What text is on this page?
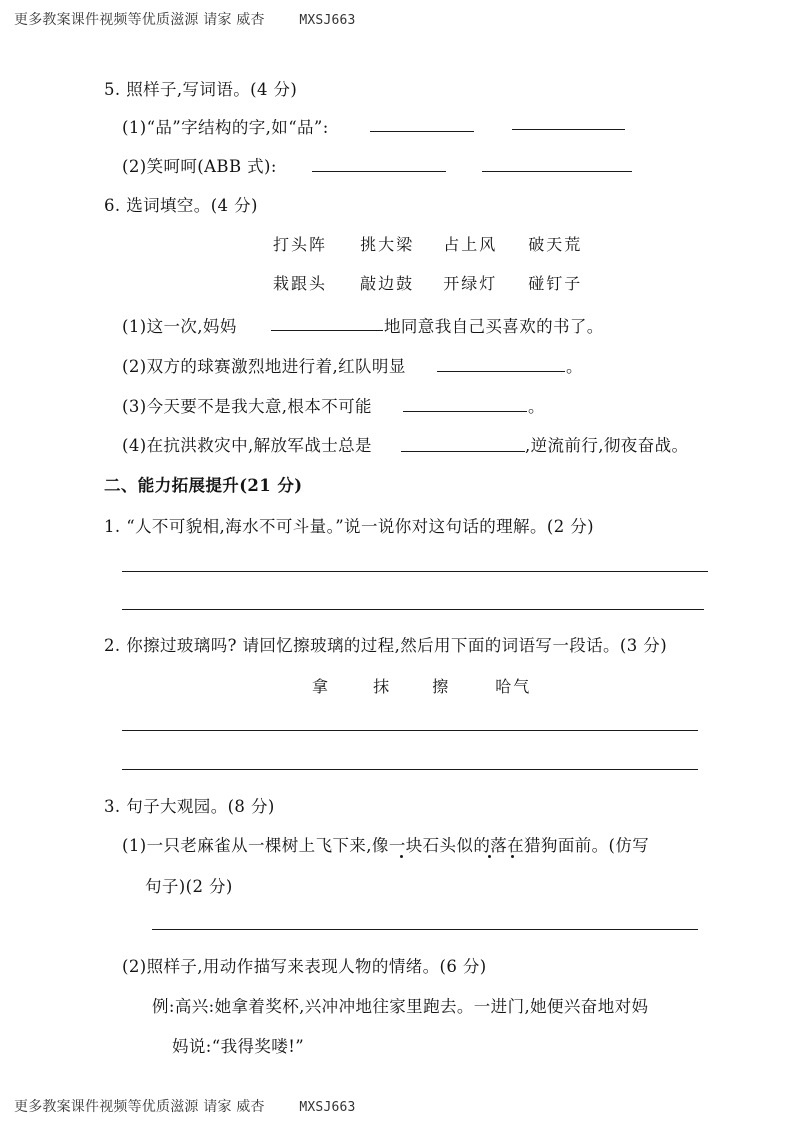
更多教案课件视频等优质滋源 请家 威杏	MXSJ663
5. 照样子,写词语。(4 分)
(1)“品”字结构的字,如“品”:
(2)笑呵呵(ABB 式):
6. 选词填空。(4 分)
打头阵 挑大梁 占上风 破天荒
栽跟头 敲边鼓 开绿灯 碰钉子
(1)这一次,妈妈	地同意我自己买喜欢的书了。
(2)双方的球赛激烈地进行着,红队明显	。
(3)今天要不是我大意,根本不可能	。
(4)在抗洪救灾中,解放军战士总是	,逆流前行,彻夜奋战。
二、能力拓展提升(21 分)
1. “人不可貌相,海水不可斗量。”说一说你对这句话的理解。(2 分)
2. 你擦过玻璃吗? 请回忆擦玻璃的过程,然后用下面的词语写一段话。(3 分)
拿	抹	擦	哈气
3. 句子大观园。(8 分)
(1)一只老麻雀从一棵树上飞下来,像一块石头似的落在猎狗面前。(仿写
句子)(2 分)
(2)照样子,用动作描写来表现人物的情绪。(6 分)
例:高兴:她拿着奖杯,兴冲冲地往家里跑去。一进门,她便兴奋地对妈
妈说:“我得奖喽!”
更多教案课件视频等优质滋源 请家 威杏	MXSJ663
